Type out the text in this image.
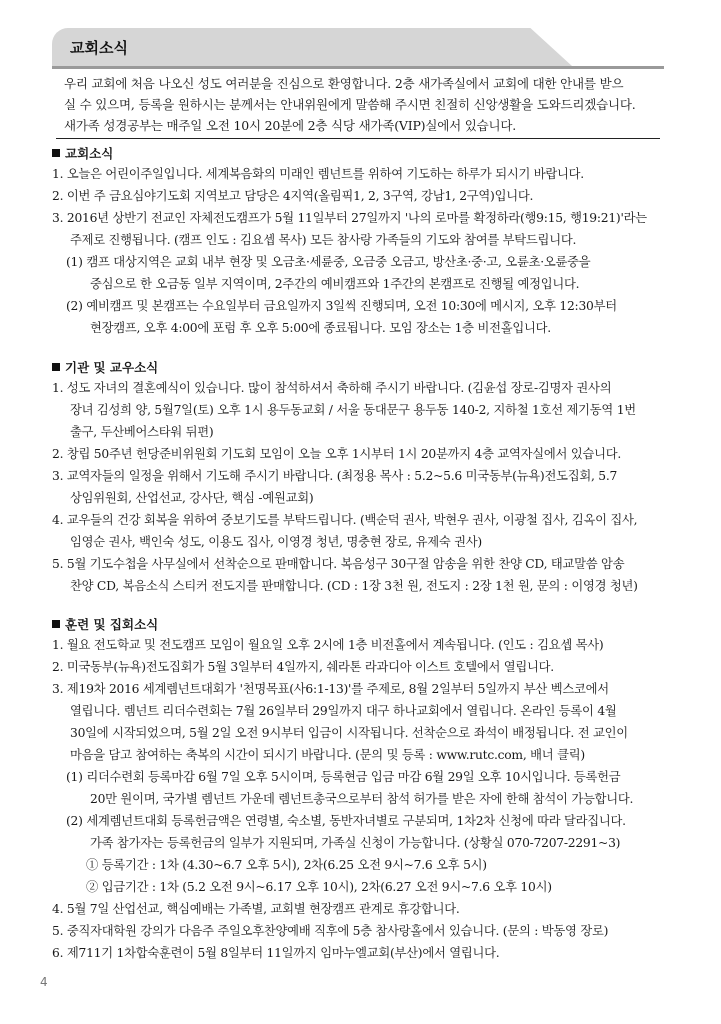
교회소식
우리 교회에 처음 나오신 성도 여러분을 진심으로 환영합니다. 2층 새가족실에서 교회에 대한 안내를 받으
실 수 있으며, 등록을 원하시는 분께서는 안내위원에게 말씀해 주시면 친절히 신앙생활을 도와드리겠습니다.
새가족 성경공부는 매주일 오전 10시 20분에 2층 식당 새가족(VIP)실에서 있습니다.
교회소식
1. 오늘은 어린이주일입니다. 세계복음화의 미래인 렘넌트를 위하여 기도하는 하루가 되시기 바랍니다.
2. 이번 주 금요심야기도회 지역보고 담당은 4지역(올림픽1, 2, 3구역, 강남1, 2구역)입니다.
3. 2016년 상반기 전교인 자체전도캠프가 5월 11일부터 27일까지 '나의 로마를 확정하라(행9:15, 행19:21)'라는
주제로 진행됩니다. (캠프 인도 : 김요셉 목사) 모든 참사랑 가족들의 기도와 참여를 부탁드립니다.
(1) 캠프 대상지역은 교회 내부 현장 및 오금초·세륜중, 오금중 오금고, 방산초·중·고, 오륜초·오륜중을
중심으로 한 오금동 일부 지역이며, 2주간의 예비캠프와 1주간의 본캠프로 진행될 예정입니다.
(2) 예비캠프 및 본캠프는 수요일부터 금요일까지 3일씩 진행되며, 오전 10:30에 메시지, 오후 12:30부터
현장캠프, 오후 4:00에 포럼 후 오후 5:00에 종료됩니다. 모임 장소는 1층 비전홀입니다.
기관 및 교우소식
1. 성도 자녀의 결혼예식이 있습니다. 많이 참석하셔서 축하해 주시기 바랍니다. (김윤섭 장로-김명자 권사의
장녀 김성희 양, 5월7일(토) 오후 1시 용두동교회 / 서울 동대문구 용두동 140-2, 지하철 1호선 제기동역 1번
출구, 두산베어스타워 뒤편)
2. 창립 50주년 헌당준비위원회 기도회 모임이 오늘 오후 1시부터 1시 20분까지 4층 교역자실에서 있습니다.
3. 교역자들의 일정을 위해서 기도해 주시기 바랍니다. (최정용 목사 : 5.2~5.6 미국동부(뉴욕)전도집회, 5.7
상임위원회, 산업선교, 강사단, 핵심 -예원교회)
4. 교우들의 건강 회복을 위하여 중보기도를 부탁드립니다. (백순덕 권사, 박현우 권사, 이광철 집사, 김옥이 집사,
임영순 권사, 백인숙 성도, 이용도 집사, 이영경 청년, 명충현 장로, 유제숙 권사)
5. 5월 기도수첩을 사무실에서 선착순으로 판매합니다. 복음성구 30구절 암송을 위한 찬양 CD, 태교말씀 암송
찬양 CD, 복음소식 스티커 전도지를 판매합니다. (CD : 1장 3천 원, 전도지 : 2장 1천 원, 문의 : 이영경 청년)
훈련 및 집회소식
1. 월요 전도학교 및 전도캠프 모임이 월요일 오후 2시에 1층 비전홀에서 계속됩니다. (인도 : 김요셉 목사)
2. 미국동부(뉴욕)전도집회가 5월 3일부터 4일까지, 쉐라톤 라과디아 이스트 호텔에서 열립니다.
3. 제19차 2016 세계렘넌트대회가 '천명목표(사6:1-13)'를 주제로, 8월 2일부터 5일까지 부산 벡스코에서
열립니다. 렘넌트 리더수련회는 7월 26일부터 29일까지 대구 하나교회에서 열립니다. 온라인 등록이 4월
30일에 시작되었으며, 5월 2일 오전 9시부터 입금이 시작됩니다. 선착순으로 좌석이 배정됩니다. 전 교인이
마음을 담고 참여하는 축복의 시간이 되시기 바랍니다. (문의 및 등록 : www.rutc.com, 배너 클릭)
(1) 리더수련회 등록마감 6월 7일 오후 5시이며, 등록현금 입금 마감 6월 29일 오후 10시입니다. 등록헌금
20만 원이며, 국가별 렘넌트 가운데 렘넌트총국으로부터 참석 허가를 받은 자에 한해 참석이 가능합니다.
(2) 세계렘넌트대회 등록헌금액은 연령별, 숙소별, 동반자녀별로 구분되며, 1차2차 신청에 따라 달라집니다.
가족 참가자는 등록헌금의 일부가 지원되며, 가족실 신청이 가능합니다. (상황실 070-7207-2291~3)
① 등록기간 : 1차 (4.30~6.7 오후 5시), 2차(6.25 오전 9시~7.6 오후 5시)
② 입금기간 : 1차 (5.2 오전 9시~6.17 오후 10시), 2차(6.27 오전 9시~7.6 오후 10시)
4. 5월 7일 산업선교, 핵심예배는 가족별, 교회별 현장캠프 관계로 휴강합니다.
5. 중직자대학원 강의가 다음주 주일오후찬양예배 직후에 5층 참사랑홀에서 있습니다. (문의 : 박동영 장로)
6. 제711기 1차합숙훈련이 5월 8일부터 11일까지 임마누엘교회(부산)에서 열립니다.
4
